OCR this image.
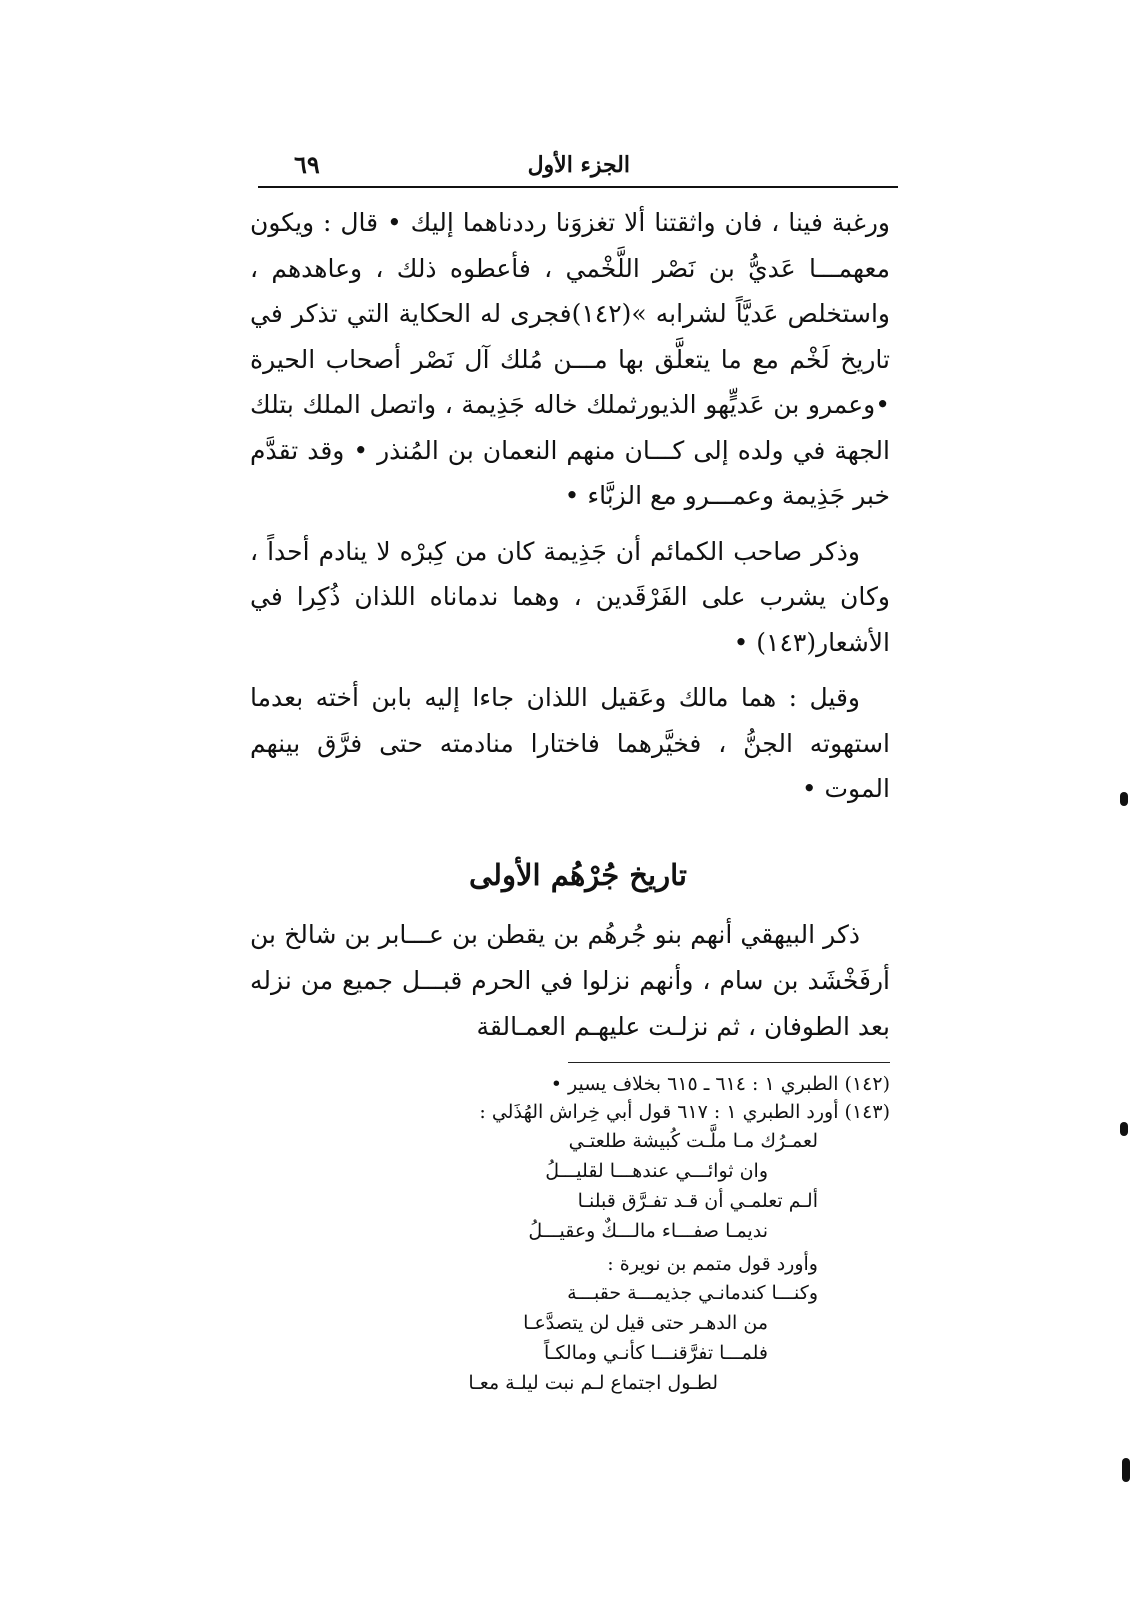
الجزء الأول
٦٩

ورغبة فينا ، فان واثقتنا ألا تغزوَنا رددناهما إليك • قال : ويكون معهمـــا عَديُّ بن نَصْر اللَّخْمي ، فأعطوه ذلك ، وعاهدهم ، واستخلص عَديَّاً لشرابه »(١٤٢)فجرى له الحكاية التي تذكر في تاريخ لَخْم مع ما يتعلَّق بها مـــن مُلك آل نَصْر أصحاب الحيرة •وعمرو بن عَديٍّهو الذيورثملك خاله جَذِيمة ، واتصل الملك بتلك الجهة في ولده إلى كـــان منهم النعمان بن المُنذر • وقد تقدَّم خبر جَذِيمة وعمـــرو مع الزبَّاء •

وذكر صاحب الكمائم أن جَذِيمة كان من كِبرْه لا ينادم أحداً ، وكان يشرب على الفَرْقَدين ، وهما ندماناه اللذان ذُكِرا في الأشعار(١٤٣) •

وقيل : هما مالك وعَقيل اللذان جاءا إليه بابن أخته بعدما استهوته الجنُّ ، فخيَّرهما فاختارا منادمته حتى فرَّق بينهم الموت •

تاريخ جُرْهُم الأولى
ذكر البيهقي أنهم بنو جُرهُم بن يقطن بن عـــابر بن شالخ بن أرفَخْشَد بن سام ، وأنهم نزلوا في الحرم قبـــل جميع من نزله بعد الطوفان ، ثم نزلـت عليهـم العمـالقة
(١٤٢) الطبري ١ : ٦١٤ ـ ٦١٥ بخلاف يسير •
(١٤٣) أورد الطبري ١ : ٦١٧ قول أبي خِراش الهُذَلي :
لعمـرُك مـا ملَّـت كُبيشة طلعتـي
وان ثوائـــي عندهـــا لقليـــلُ
ألـم تعلمـي أن قـد تفـرَّق قبلنـا
نديمـا صفـــاء مالـــكٌ وعقيـــلُ
وأورد قول متمم بن نويرة :
وكنـــا كندمانـي جذيمـــة حقبـــة
من الدهـر حتى قيل لن يتصدَّعـا
فلمـــا تفرَّقنـــا كأنـي ومالكـاً
لطـول اجتماع لـم نبت ليلـة معـا
